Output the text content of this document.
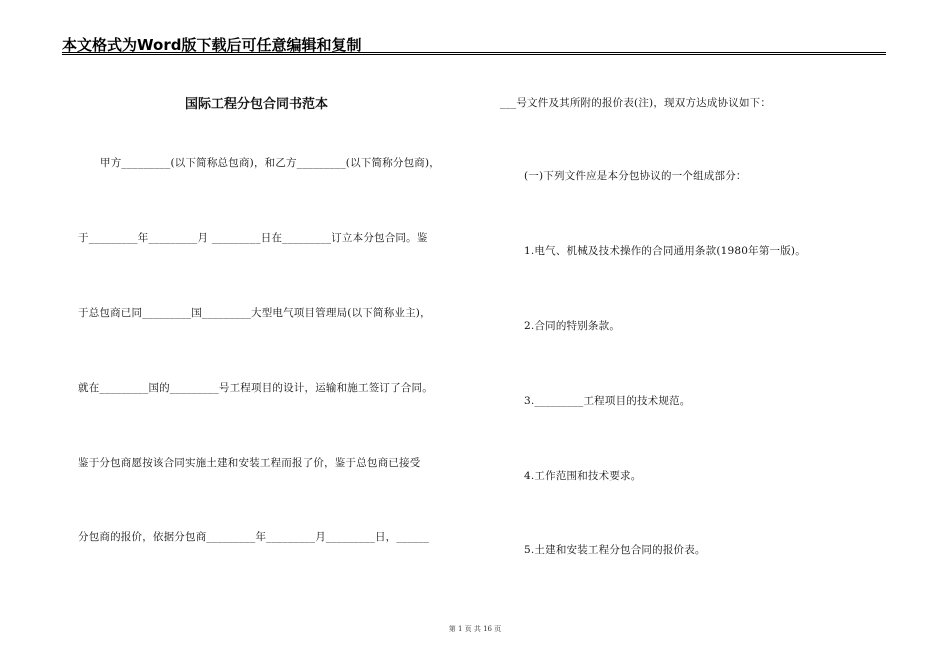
本文格式为Word版下载后可任意编辑和复制
国际工程分包合同书范本
甲方_________(以下简称总包商)，和乙方_________(以下简称分包商)，
于_________年_________月 _________日在_________订立本分包合同。鉴
于总包商已同_________国_________大型电气项目管理局(以下简称业主)，
就在_________国的_________号工程项目的设计，运输和施工签订了合同。
鉴于分包商愿按该合同实施土建和安装工程而报了价，鉴于总包商已接受
分包商的报价，依据分包商_________年_________月_________日，______
___号文件及其所附的报价表(注)，现双方达成协议如下：
(一)下列文件应是本分包协议的一个组成部分：
1.电气、机械及技术操作的合同通用条款(1980年第一版)。
2.合同的特别条款。
3._________工程项目的技术规范。
4.工作范围和技术要求。
5.土建和安装工程分包合同的报价表。
第 1 页 共 16 页
